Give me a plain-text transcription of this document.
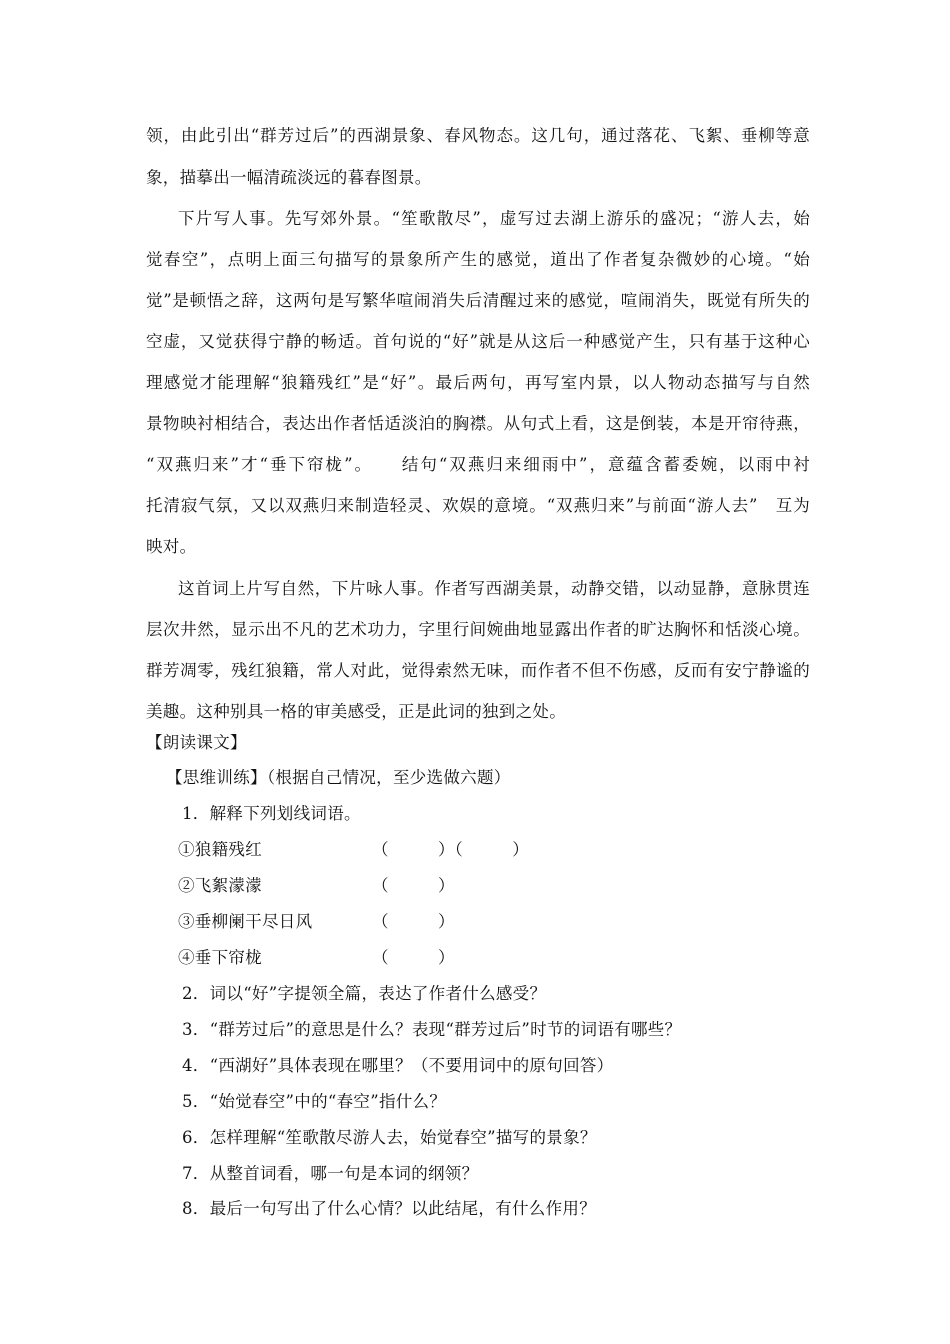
领，由此引出“群芳过后”的西湖景象、春风物态。这几句，通过落花、飞絮、垂柳等意
象，描摹出一幅清疏淡远的暮春图景。
下片写人事。先写郊外景。“笙歌散尽”，虚写过去湖上游乐的盛况；“游人去，始
觉春空”，点明上面三句描写的景象所产生的感觉，道出了作者复杂微妙的心境。“始
觉”是顿悟之辞，这两句是写繁华喧闹消失后清醒过来的感觉，喧闹消失，既觉有所失的
空虚，又觉获得宁静的畅适。首句说的“好”就是从这后一种感觉产生，只有基于这种心
理感觉才能理解“狼籍残红”是“好”。最后两句，再写室内景，以人物动态描写与自然
景物映衬相结合，表达出作者恬适淡泊的胸襟。从句式上看，这是倒装，本是开帘待燕，
“双燕归来”才“垂下帘栊”。　　结句“双燕归来细雨中”，意蕴含蓄委婉，以雨中衬
托清寂气氛，又以双燕归来制造轻灵、欢娱的意境。“双燕归来”与前面“游人去”　互为
映对。
这首词上片写自然，下片咏人事。作者写西湖美景，动静交错，以动显静，意脉贯连
层次井然，显示出不凡的艺术功力，字里行间婉曲地显露出作者的旷达胸怀和恬淡心境。
群芳凋零，残红狼籍，常人对此，觉得索然无味，而作者不但不伤感，反而有安宁静谧的
美趣。这种别具一格的审美感受，正是此词的独到之处。
【朗读课文】
【思维训练】（根据自己情况，至少选做六题）
1．解释下列划线词语。
①狼籍残红	（　　　）（　　　）
②飞絮濛濛	（　　　）
③垂柳阑干尽日风	（　　　）
④垂下帘栊	（　　　）
2．词以“好”字提领全篇，表达了作者什么感受？
3．“群芳过后”的意思是什么？表现“群芳过后”时节的词语有哪些？
4．“西湖好”具体表现在哪里？（不要用词中的原句回答）
5．“始觉春空”中的“春空”指什么？
6．怎样理解“笙歌散尽游人去，始觉春空”描写的景象？
7．从整首词看，哪一句是本词的纲领？
8．最后一句写出了什么心情？以此结尾，有什么作用？
